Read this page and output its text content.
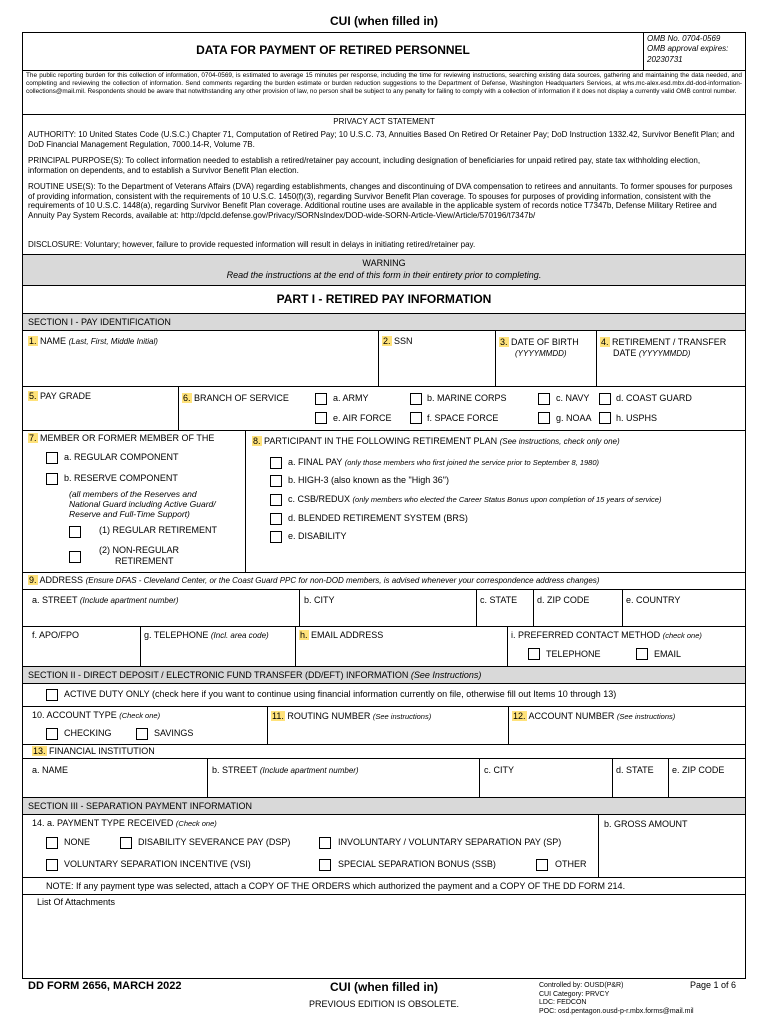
CUI (when filled in)
DATA FOR PAYMENT OF RETIRED PERSONNEL
OMB No. 0704-0569
OMB approval expires:
20230731
The public reporting burden for this collection of information, 0704-0569, is estimated to average 15 minutes per response, including the time for reviewing instructions, searching existing data sources, gathering and maintaining the data needed, and completing and reviewing the collection of information. Send comments regarding the burden estimate or burden reduction suggestions to the Department of Defense, Washington Headquarters Services, at whs.mc-alex.esd.mbx.dd-dod-information-collections@mail.mil. Respondents should be aware that notwithstanding any other provision of law, no person shall be subject to any penalty for failing to comply with a collection of information if it does not display a currently valid OMB control number.
PRIVACY ACT STATEMENT
AUTHORITY: 10 United States Code (U.S.C.) Chapter 71, Computation of Retired Pay; 10 U.S.C. 73, Annuities Based On Retired Or Retainer Pay; DoD Instruction 1332.42, Survivor Benefit Plan; and DoD Financial Management Regulation, 7000.14-R, Volume 7B.
PRINCIPAL PURPOSE(S): To collect information needed to establish a retired/retainer pay account, including designation of beneficiaries for unpaid retired pay, state tax withholding election, information on dependents, and to establish a Survivor Benefit Plan election.
ROUTINE USE(S): To the Department of Veterans Affairs (DVA) regarding establishments, changes and discontinuing of DVA compensation to retirees and annuitants. To former spouses for purposes of providing information, consistent with the requirements of 10 U.S.C. 1450(f)(3), regarding Survivor Benefit Plan coverage. To spouses for purposes of providing information, consistent with the requirements of 10 U.S.C. 1448(a), regarding Survivor Benefit Plan coverage. Additional routine uses are available in the applicable system of records notice T7347b, Defense Military Retiree and Annuity Pay System Records, available at: http://dpcld.defense.gov/Privacy/SORNsIndex/DOD-wide-SORN-Article-View/Article/570196/t7347b/
DISCLOSURE: Voluntary; however, failure to provide requested information will result in delays in initiating retired/retainer pay.
WARNING
Read the instructions at the end of this form in their entirety prior to completing.
PART I - RETIRED PAY INFORMATION
SECTION I - PAY IDENTIFICATION
1. NAME (Last, First, Middle Initial)	2. SSN	3. DATE OF BIRTH
(YYYYMMDD)
4. RETIREMENT / TRANSFER
DATE (YYYYMMDD)
5. PAY GRADE	6. BRANCH OF SERVICE	a. ARMY	b. MARINE CORPS	c. NAVY	d. COAST GUARD
e. AIR FORCE	f. SPACE FORCE	g. NOAA	h. USPHS
7. MEMBER OR FORMER MEMBER OF THE
a. REGULAR COMPONENT
b. RESERVE COMPONENT
(all members of the Reserves and
National Guard including Active Guard/
Reserve and Full-Time Support)
(1) REGULAR RETIREMENT
(2) NON-REGULAR
RETIREMENT
8. PARTICIPANT IN THE FOLLOWING RETIREMENT PLAN (See instructions, check only one)
a. FINAL PAY (only those members who first joined the service prior to September 8, 1980)
b. HIGH-3 (also known as the "High 36")
c. CSB/REDUX (only members who elected the Career Status Bonus upon completion of 15 years of service)
d. BLENDED RETIREMENT SYSTEM (BRS)
e. DISABILITY
9. ADDRESS (Ensure DFAS - Cleveland Center, or the Coast Guard PPC for non-DOD members, is advised whenever your correspondence address changes)
a. STREET (Include apartment number)	b. CITY	c. STATE d. ZIP CODE	e. COUNTRY
f. APO/FPO	g. TELEPHONE (Incl. area code)	h. EMAIL ADDRESS	i. PREFERRED CONTACT METHOD (check one)
TELEPHONE	EMAIL
SECTION II - DIRECT DEPOSIT / ELECTRONIC FUND TRANSFER (DD/EFT) INFORMATION (See Instructions)
ACTIVE DUTY ONLY (check here if you want to continue using financial information currently on file, otherwise fill out Items 10 through 13)
10. ACCOUNT TYPE (Check one)
CHECKING	SAVINGS
11. ROUTING NUMBER (See instructions)	12. ACCOUNT NUMBER (See instructions)
13. FINANCIAL INSTITUTION
a. NAME	b. STREET (Include apartment number)	c. CITY	d. STATE e. ZIP CODE
SECTION III - SEPARATION PAYMENT INFORMATION
14. a. PAYMENT TYPE RECEIVED (Check one)	b. GROSS AMOUNT
NONE	DISABILITY SEVERANCE PAY (DSP)	INVOLUNTARY / VOLUNTARY SEPARATION PAY (SP)
VOLUNTARY SEPARATION INCENTIVE (VSI)	SPECIAL SEPARATION BONUS (SSB)	OTHER
NOTE: If any payment type was selected, attach a COPY OF THE ORDERS which authorized the payment and a COPY OF THE DD FORM 214.
List Of Attachments
DD FORM 2656, MARCH 2022	CUI (when filled in)
PREVIOUS EDITION IS OBSOLETE.
Controlled by: OUSD(P&R)
CUI Category: PRVCY
LDC: FEDCON
POC: osd.pentagon.ousd-p-r.mbx.forms@mail.mil
Page 1 of 6
